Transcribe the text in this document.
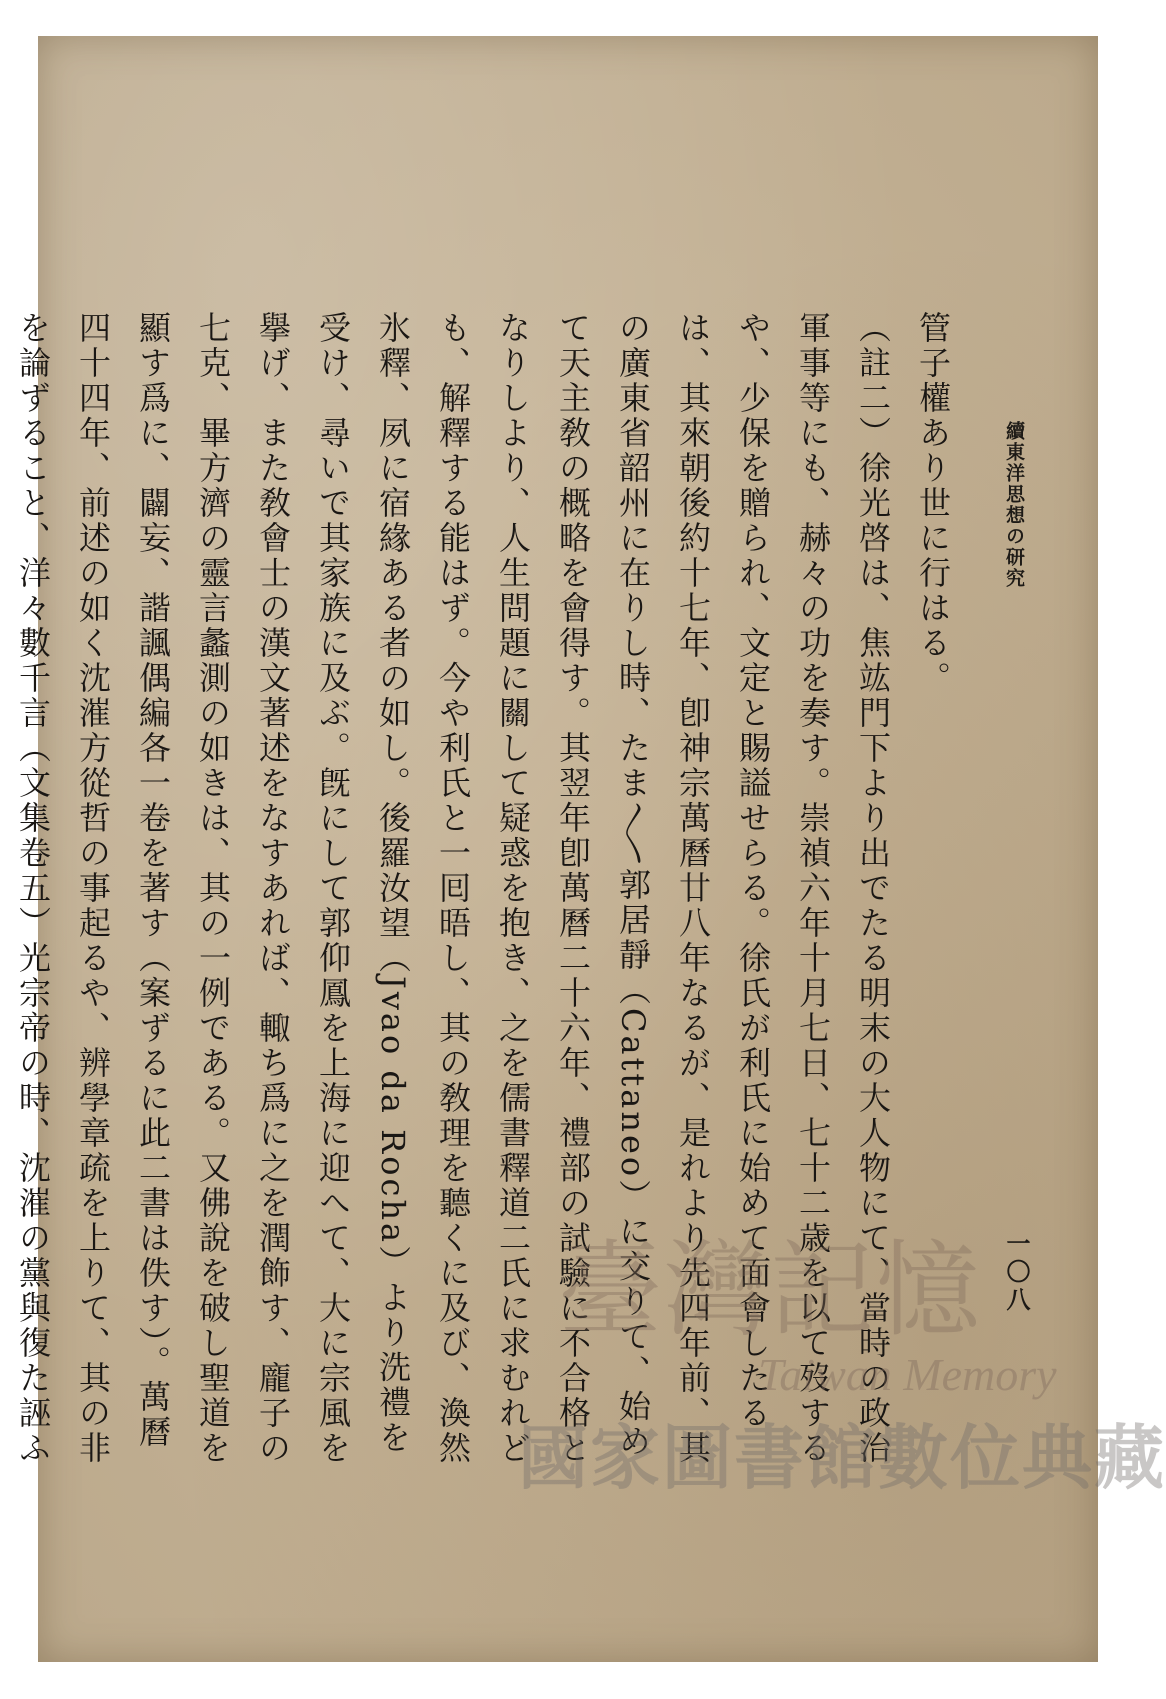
續東洋思想の研究
一〇八

管子權あり世に行はる。

（註二）徐光啓は、焦竑門下より出でたる明末の大人物にて、當時の政治軍事等にも、赫々の功を奏す。崇禎六年十月七日、七十二歳を以て歿するや、少保を贈られ、文定と賜謚せらる。徐氏が利氏に始めて面會したるは、其來朝後約十七年、卽神宗萬曆廿八年なるが、是れより先四年前、其の廣東省韶州に在りし時、たま〳〵郭居靜（Cattaneo）に交りて、始めて天主敎の概略を會得す。其翌年卽萬曆二十六年、禮部の試驗に不合格となりしより、人生問題に關して疑惑を抱き、之を儒書釋道二氏に求むれども、解釋する能はず。今や利氏と一囘晤し、其の敎理を聽くに及び、渙然氷釋、夙に宿緣ある者の如し。後羅汝望（Jvao da Rocha）より洗禮を受け、尋いで其家族に及ぶ。旣にして郭仰鳳を上海に迎へて、大に宗風を擧げ、また敎會士の漢文著述をなすあれば、輙ち爲に之を潤飾す、龐子の七克、畢方濟の靈言蠡測の如きは、其の一例である。又佛說を破し聖道を顯す爲に、闢妄、諧諷偶編各一卷を著す（案ずるに此二書は佚す）。萬曆四十四年、前述の如く沈漼方從哲の事起るや、辨學章疏を上りて、其の非を論ずること、洋々數千言（文集卷五）光宗帝の時、沈漼の黨與復た誣ふ

臺灣記憶
Taiwan Memory
國家圖書館數位典藏
